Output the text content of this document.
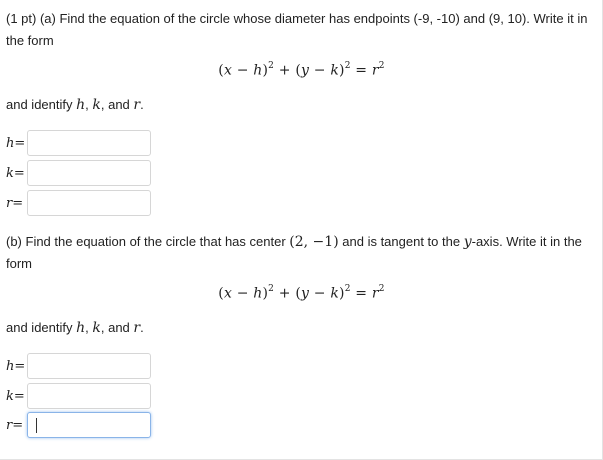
(1 pt) (a) Find the equation of the circle whose diameter has endpoints (-9, -10) and (9, 10). Write it in the form
$(x - h)^2 + (y - k)^2 = r^2$
and identify h, k, and r.
h=
k=
r=
(b) Find the equation of the circle that has center (2, −1) and is tangent to the y-axis. Write it in the form
$(x - h)^2 + (y - k)^2 = r^2$
and identify h, k, and r.
h=
k=
r=
